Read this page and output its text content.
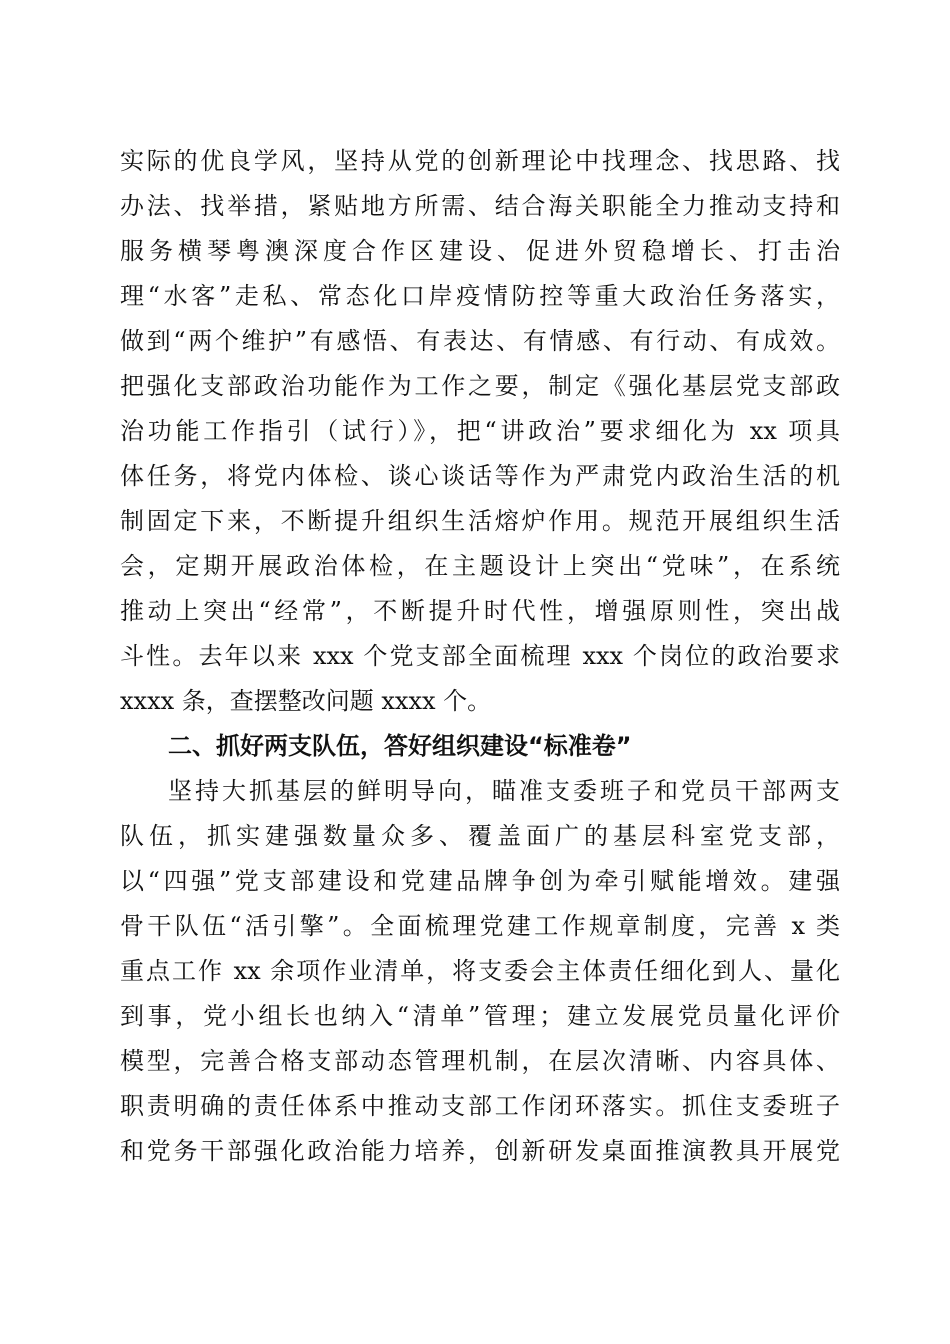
实际的优良学风，坚持从党的创新理论中找理念、找思路、找
办法、找举措，紧贴地方所需、结合海关职能全力推动支持和
服务横琴粤澳深度合作区建设、促进外贸稳增长、打击治
理“水客”走私、常态化口岸疫情防控等重大政治任务落实，
做到“两个维护”有感悟、有表达、有情感、有行动、有成效。
把强化支部政治功能作为工作之要，制定《强化基层党支部政
治功能工作指引（试行）》，把“讲政治”要求细化为 xx 项具
体任务，将党内体检、谈心谈话等作为严肃党内政治生活的机
制固定下来，不断提升组织生活熔炉作用。规范开展组织生活
会，定期开展政治体检，在主题设计上突出“党味”，在系统
推动上突出“经常”，不断提升时代性，增强原则性，突出战
斗性。去年以来 xxx 个党支部全面梳理 xxx 个岗位的政治要求
xxxx 条，查摆整改问题 xxxx 个。
二、抓好两支队伍，答好组织建设“标准卷”
坚持大抓基层的鲜明导向，瞄准支委班子和党员干部两支
队伍，抓实建强数量众多、覆盖面广的基层科室党支部，
以“四强”党支部建设和党建品牌争创为牵引赋能增效。建强
骨干队伍“活引擎”。全面梳理党建工作规章制度，完善 x 类
重点工作 xx 余项作业清单，将支委会主体责任细化到人、量化
到事，党小组长也纳入“清单”管理；建立发展党员量化评价
模型，完善合格支部动态管理机制，在层次清晰、内容具体、
职责明确的责任体系中推动支部工作闭环落实。抓住支委班子
和党务干部强化政治能力培养，创新研发桌面推演教具开展党
